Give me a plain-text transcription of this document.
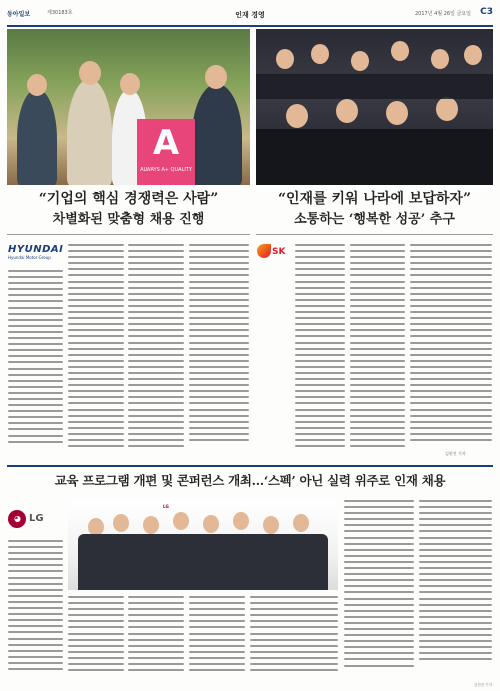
동아일보	제30183호	인재 경영	2017년 4월 26일 금요일 C3
A
ALWAYS A+ QUALITY
“기업의 핵심 경쟁력은 사람”
차별화된 맞춤형 채용 진행
“인재를 키워 나라에 보답하자”
소통하는 ‘행복한 성공’ 추구
HYUNDAI
Hyundai Motor Group
SK
김현진 기자
교육 프로그램 개편 및 콘퍼런스 개최…‘스펙’ 아닌 실력 위주로 인재 채용
◕ LG
LG
김현진 기자
